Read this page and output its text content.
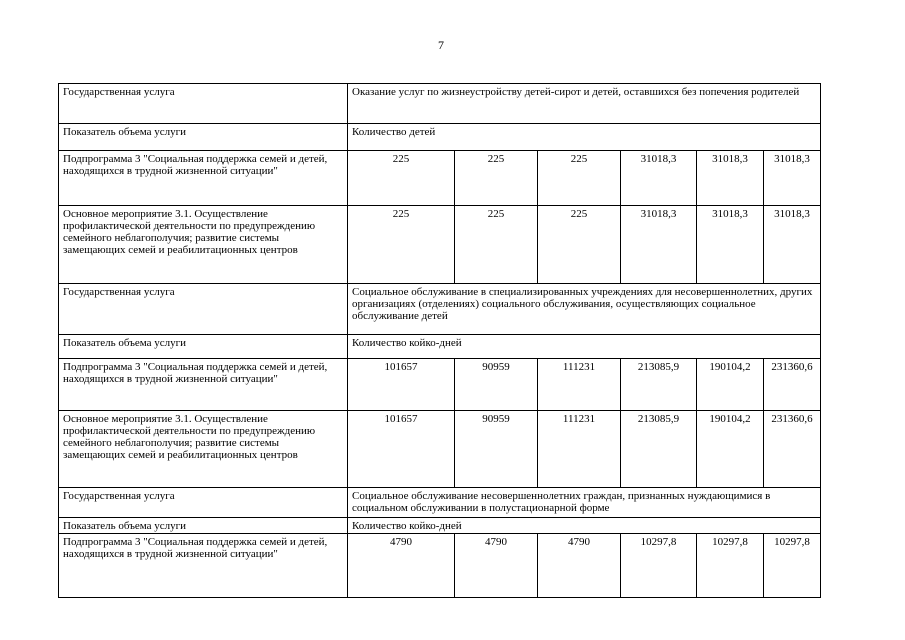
7
Государственная услуга	Оказание услуг по жизнеустройству детей-сирот и детей, оставшихся без попечения родителей					
Показатель объема услуги	Количество детей					
Подпрограмма 3 "Социальная поддержка семей и детей, находящихся в трудной жизненной ситуации"	225	225	225	31018,3	31018,3	31018,3
Основное мероприятие 3.1. Осуществление профилактической деятельности по предупреждению семейного неблагополучия; развитие системы замещающих семей и реабилитационных центров	225	225	225	31018,3	31018,3	31018,3
Государственная услуга	Социальное обслуживание в специализированных учреждениях для несовершеннолетних, других организациях (отделениях) социального обслуживания, осуществляющих социальное обслуживание детей					
Показатель объема услуги	Количество койко-дней					
Подпрограмма 3 "Социальная поддержка семей и детей, находящихся в трудной жизненной ситуации"	101657	90959	111231	213085,9	190104,2	231360,6
Основное мероприятие 3.1. Осуществление профилактической деятельности по предупреждению семейного неблагополучия; развитие системы замещающих семей и реабилитационных центров	101657	90959	111231	213085,9	190104,2	231360,6
Государственная услуга	Социальное обслуживание несовершеннолетних граждан, признанных нуждающимися в социальном обслуживании в полустационарной форме					
Показатель объема услуги	Количество койко-дней					
Подпрограмма 3 "Социальная поддержка семей и детей, находящихся в трудной жизненной ситуации"	4790	4790	4790	10297,8	10297,8	10297,8
